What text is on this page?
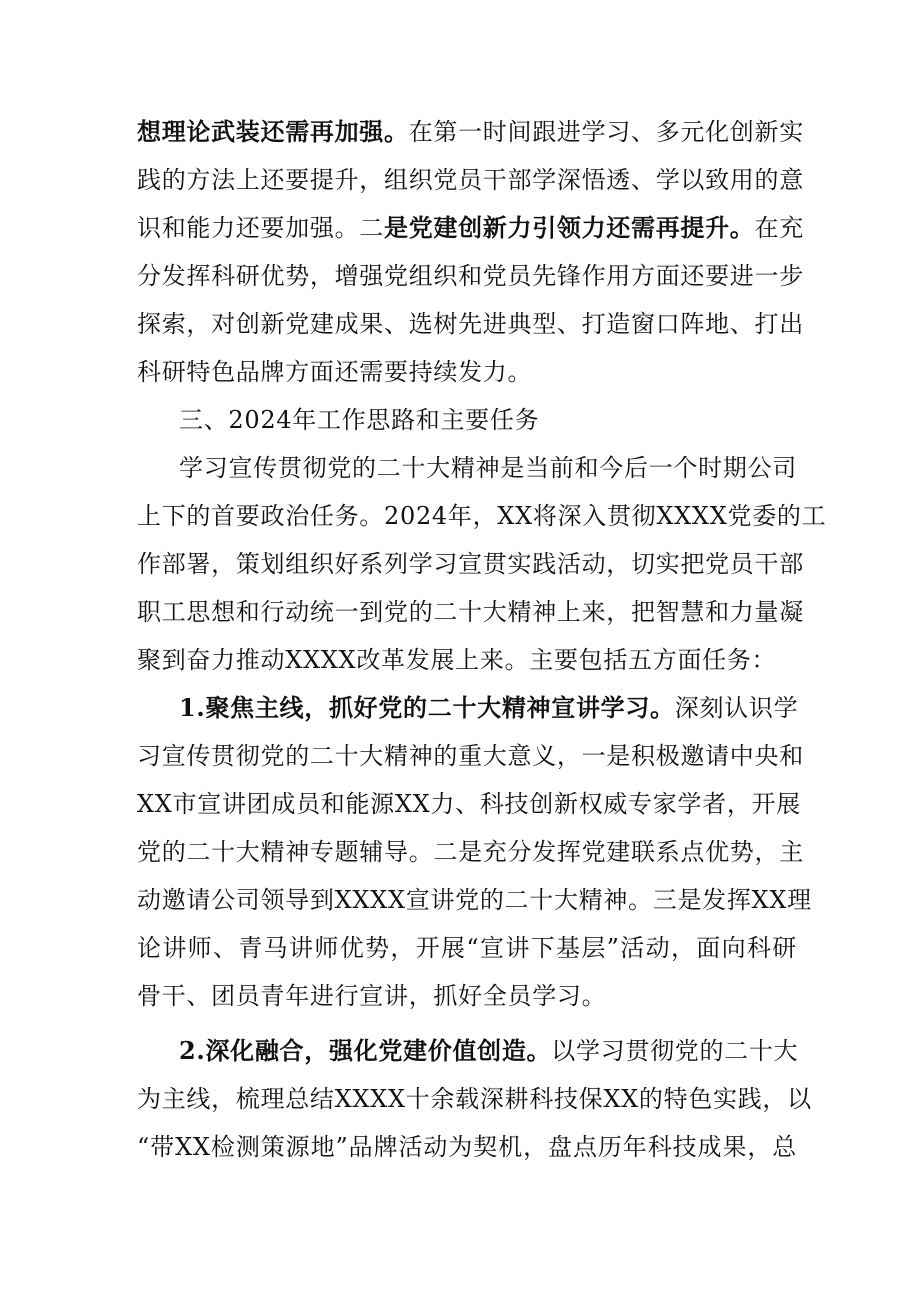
想理论武装还需再加强。在第一时间跟进学习、多元化创新实
践的方法上还要提升，组织党员干部学深悟透、学以致用的意
识和能力还要加强。二是党建创新力引领力还需再提升。在充
分发挥科研优势，增强党组织和党员先锋作用方面还要进一步
探索，对创新党建成果、选树先进典型、打造窗口阵地、打出
科研特色品牌方面还需要持续发力。
三、2024年工作思路和主要任务
学习宣传贯彻党的二十大精神是当前和今后一个时期公司
上下的首要政治任务。2024年，XX将深入贯彻XXXX党委的工
作部署，策划组织好系列学习宣贯实践活动，切实把党员干部
职工思想和行动统一到党的二十大精神上来，把智慧和力量凝
聚到奋力推动XXXX改革发展上来。主要包括五方面任务：
1.聚焦主线，抓好党的二十大精神宣讲学习。深刻认识学
习宣传贯彻党的二十大精神的重大意义，一是积极邀请中央和
XX市宣讲团成员和能源XX力、科技创新权威专家学者，开展
党的二十大精神专题辅导。二是充分发挥党建联系点优势，主
动邀请公司领导到XXXX宣讲党的二十大精神。三是发挥XX理
论讲师、青马讲师优势，开展“宣讲下基层”活动，面向科研
骨干、团员青年进行宣讲，抓好全员学习。
2.深化融合，强化党建价值创造。以学习贯彻党的二十大
为主线，梳理总结XXXX十余载深耕科技保XX的特色实践，以
“带XX检测策源地”品牌活动为契机，盘点历年科技成果，总
